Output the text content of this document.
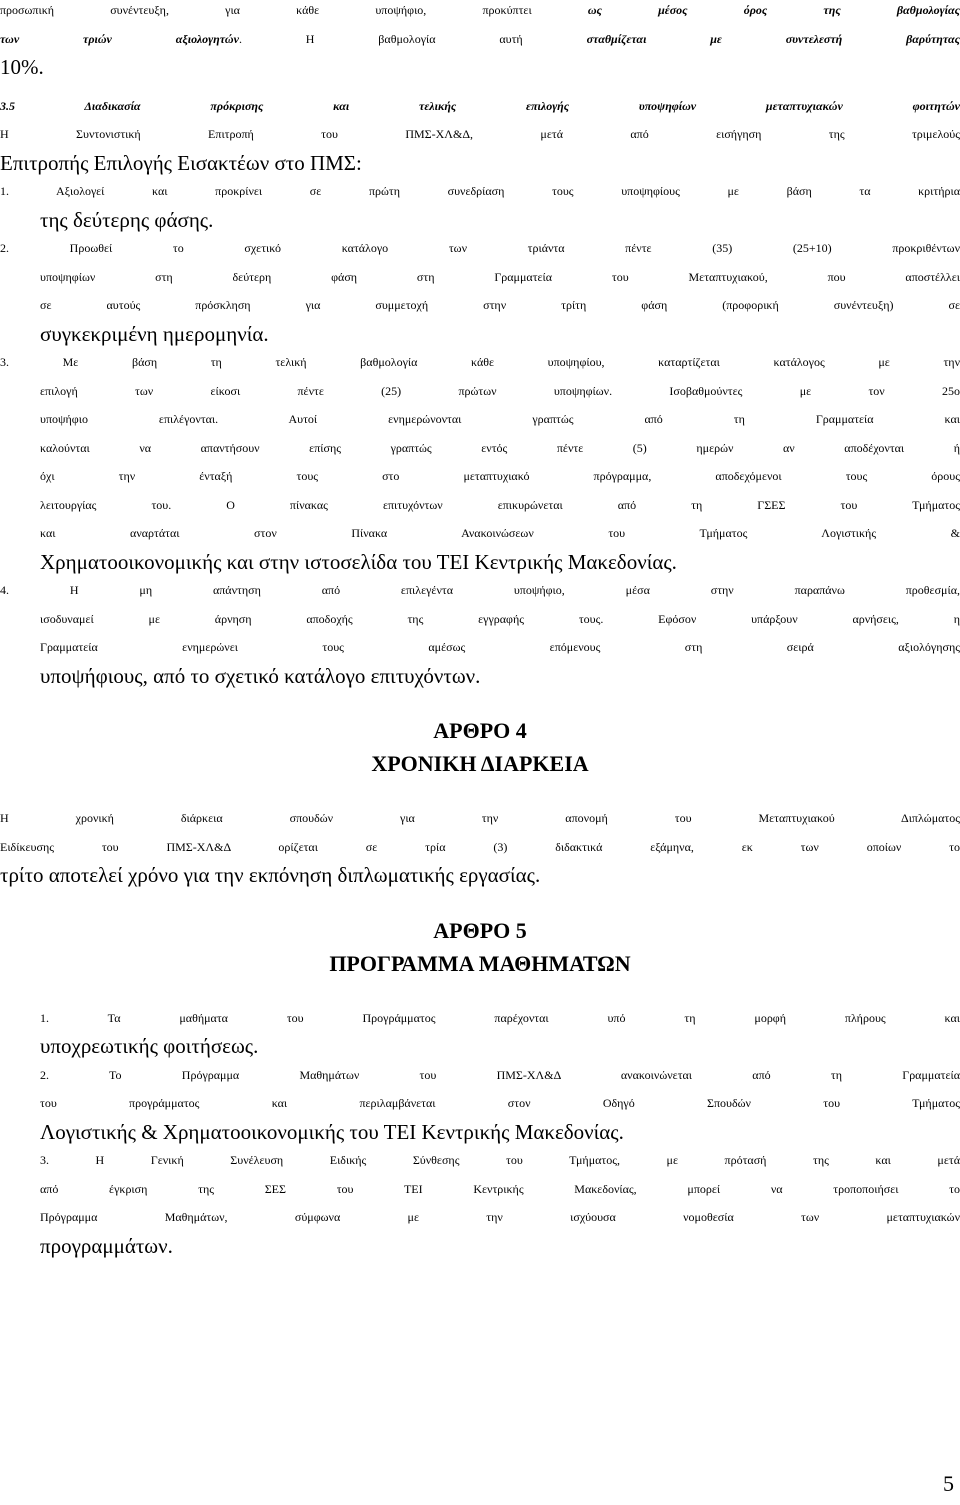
προσωπική συνέντευξη, για κάθε υποψήφιο, προκύπτει ως μέσος όρος της βαθμολογίας
των τριών αξιολογητών. Η βαθμολογία αυτή σταθμίζεται με συντελεστή βαρύτητας
10%.
3.5 Διαδικασία πρόκρισης και τελικής επιλογής υποψηφίων μεταπτυχιακών φοιτητών
Η Συντονιστική Επιτροπή του ΠΜΣ-ΧΛ&Δ, μετά από εισήγηση της τριμελούς
Επιτροπής Επιλογής Εισακτέων στο ΠΜΣ:
1. Αξιολογεί και προκρίνει σε πρώτη συνεδρίαση τους υποψηφίους με βάση τα κριτήρια
της δεύτερης φάσης.
2. Προωθεί το σχετικό κατάλογο των τριάντα πέντε (35) (25+10) προκριθέντων
υποψηφίων στη δεύτερη φάση στη Γραμματεία του Μεταπτυχιακού, που αποστέλλει
σε αυτούς πρόσκληση για συμμετοχή στην τρίτη φάση (προφορική συνέντευξη) σε
συγκεκριμένη ημερομηνία.
3. Με βάση τη τελική βαθμολογία κάθε υποψηφίου, καταρτίζεται κατάλογος με την
επιλογή των είκοσι πέντε (25) πρώτων υποψηφίων. Ισοβαθμούντες με τον 25ο
υποψήφιο επιλέγονται. Αυτοί ενημερώνονται γραπτώς από τη Γραμματεία και
καλούνται να απαντήσουν επίσης γραπτώς εντός πέντε (5) ημερών αν αποδέχονται ή
όχι την ένταξή τους στο μεταπτυχιακό πρόγραμμα, αποδεχόμενοι τους όρους
λειτουργίας του. Ο πίνακας επιτυχόντων επικυρώνεται από τη ΓΣΕΣ του Τμήματος
και αναρτάται στον Πίνακα Ανακοινώσεων του Τμήματος Λογιστικής &
Χρηματοοικονομικής και στην ιστοσελίδα του ΤΕΙ Κεντρικής Μακεδονίας.
4. Η μη απάντηση από επιλεγέντα υποψήφιο, μέσα στην παραπάνω προθεσμία,
ισοδυναμεί με άρνηση αποδοχής της εγγραφής τους. Εφόσον υπάρξουν αρνήσεις, η
Γραμματεία ενημερώνει τους αμέσως επόμενους στη σειρά αξιολόγησης
υποψήφιους, από το σχετικό κατάλογο επιτυχόντων.
ΑΡΘΡΟ 4
ΧΡΟΝΙΚΗ ΔΙΑΡΚΕΙΑ
Η χρονική διάρκεια σπουδών για την απονομή του Μεταπτυχιακού Διπλώματος
Ειδίκευσης του ΠΜΣ-ΧΛ&Δ ορίζεται σε τρία (3) διδακτικά εξάμηνα, εκ των οποίων το
τρίτο αποτελεί χρόνο για την εκπόνηση διπλωματικής εργασίας.
ΑΡΘΡΟ 5
ΠΡΟΓΡΑΜΜΑ ΜΑΘΗΜΑΤΩΝ
1. Τα μαθήματα του Προγράμματος παρέχονται υπό τη μορφή πλήρους και
υποχρεωτικής φοιτήσεως.
2. Το Πρόγραμμα Μαθημάτων του ΠΜΣ-ΧΛ&Δ ανακοινώνεται από τη Γραμματεία
του προγράμματος και περιλαμβάνεται στον Οδηγό Σπουδών του Τμήματος
Λογιστικής & Χρηματοοικονομικής του ΤΕΙ Κεντρικής Μακεδονίας.
3. Η Γενική Συνέλευση Ειδικής Σύνθεσης του Τμήματος, με πρότασή της και μετά
από έγκριση της ΣΕΣ του ΤΕΙ Κεντρικής Μακεδονίας, μπορεί να τροποποιήσει το
Πρόγραμμα Μαθημάτων, σύμφωνα με την ισχύουσα νομοθεσία των μεταπτυχιακών
προγραμμάτων.
5
